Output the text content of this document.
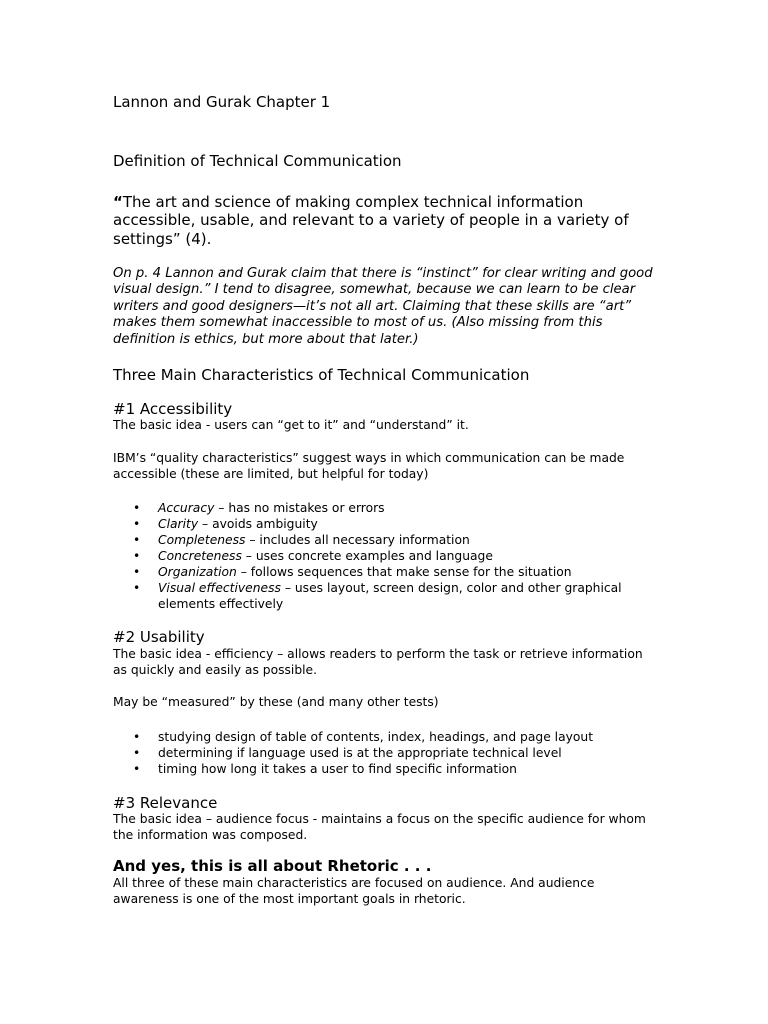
Lannon and Gurak Chapter 1
Definition of Technical Communication
“The art and science of making complex technical information accessible, usable, and relevant to a variety of people in a variety of settings” (4).
On p. 4 Lannon and Gurak claim that there is “instinct” for clear writing and good visual design.” I tend to disagree, somewhat, because we can learn to be clear writers and good designers—it’s not all art. Claiming that these skills are “art” makes them somewhat inaccessible to most of us. (Also missing from this definition is ethics, but more about that later.)
Three Main Characteristics of Technical Communication
#1 Accessibility
The basic idea - users can “get to it” and “understand” it.
IBM’s “quality characteristics” suggest ways in which communication can be made accessible (these are limited, but helpful for today)
• Accuracy – has no mistakes or errors
• Clarity – avoids ambiguity
• Completeness – includes all necessary information
• Concreteness – uses concrete examples and language
• Organization – follows sequences that make sense for the situation
• Visual effectiveness – uses layout, screen design, color and other graphical elements effectively
#2 Usability
The basic idea - efficiency – allows readers to perform the task or retrieve information as quickly and easily as possible.
May be “measured” by these (and many other tests)
• studying design of table of contents, index, headings, and page layout
• determining if language used is at the appropriate technical level
• timing how long it takes a user to find specific information
#3 Relevance
The basic idea – audience focus - maintains a focus on the specific audience for whom the information was composed.
And yes, this is all about Rhetoric . . .
All three of these main characteristics are focused on audience. And audience awareness is one of the most important goals in rhetoric.
